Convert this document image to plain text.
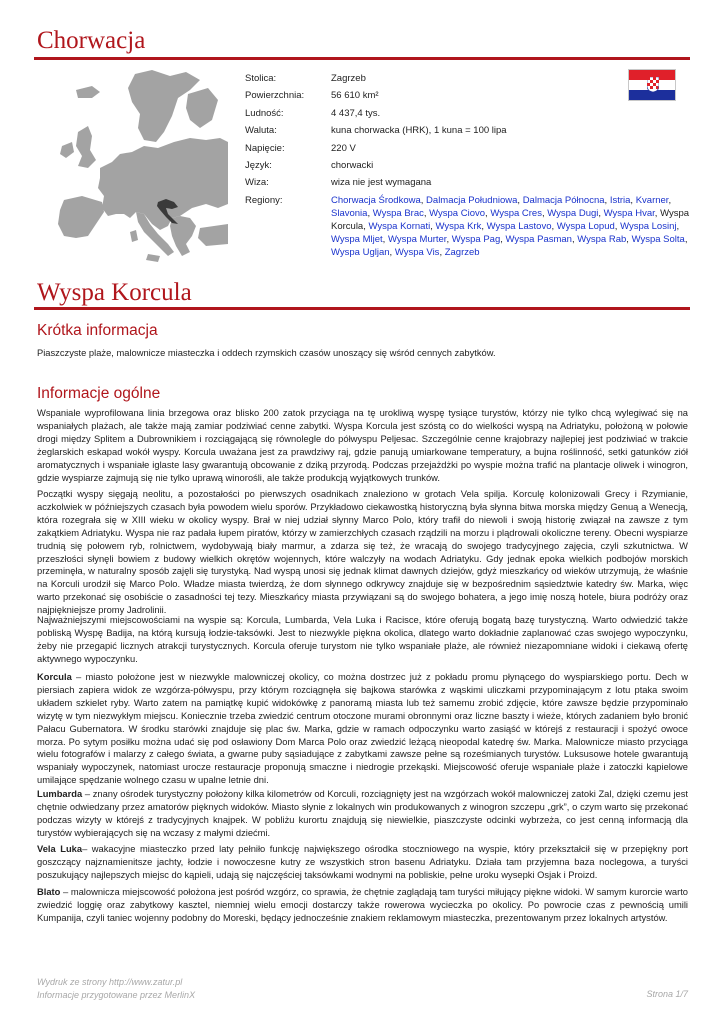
Chorwacja
Stolica:	Zagrzeb
Powierzchnia:	56 610 km²
Ludność:	4 437,4 tys.
Waluta:	kuna chorwacka (HRK), 1 kuna = 100 lipa
Napięcie:	220 V
Język:	chorwacki
Wiza:	wiza nie jest wymagana
Regiony:	Chorwacja Środkowa, Dalmacja Południowa, Dalmacja Północna, Istria, Kvarner, Slavonia, Wyspa Brac, Wyspa Ciovo, Wyspa Cres, Wyspa Dugi, Wyspa Hvar, Wyspa Korcula, Wyspa Kornati, Wyspa Krk, Wyspa Lastovo, Wyspa Lopud, Wyspa Losinj, Wyspa Mljet, Wyspa Murter, Wyspa Pag, Wyspa Pasman, Wyspa Rab, Wyspa Solta, Wyspa Ugljan, Wyspa Vis, Zagrzeb
Wyspa Korcula
Krótka informacja

Piaszczyste plaże, malownicze miasteczka i oddech rzymskich czasów unoszący się wśród cennych zabytków.

Informacje ogólne

Wspaniale wyprofilowana linia brzegowa oraz blisko 200 zatok przyciąga na tę urokliwą wyspę tysiące turystów, którzy nie tylko chcą wylegiwać się na wspaniałych plażach, ale także mają zamiar podziwiać cenne zabytki. Wyspa Korcula jest szóstą co do wielkości wyspą na Adriatyku, położoną w połowie drogi między Splitem a Dubrownikiem i rozciągającą się równolegle do półwyspu Peljesac. Szczególnie cenne krajobrazy najlepiej jest podziwiać w trakcie żeglarskich eskapad wokół wyspy. Korcula uważana jest za prawdziwy raj, gdzie panują umiarkowane temperatury, a bujna roślinność, setki gatunków ziół aromatycznych i wspaniałe iglaste lasy gwarantują obcowanie z dziką przyrodą. Podczas przejażdżki po wyspie można trafić na plantacje oliwek i winogron, gdzie wyspiarze zajmują się nie tylko uprawą winorośli, ale także produkcją wyjątkowych trunków.

Początki wyspy sięgają neolitu, a pozostałości po pierwszych osadnikach znaleziono w grotach Vela spilja. Korculę kolonizowali Grecy i Rzymianie, aczkolwiek w późniejszych czasach była powodem wielu sporów. Przykładowo ciekawostką historyczną była słynna bitwa morska między Genuą a Wenecją, która rozegrała się w XIII wieku w okolicy wyspy. Brał w niej udział słynny Marco Polo, który trafił do niewoli i swoją historię związał na zawsze z tym zakątkiem Adriatyku. Wyspa nie raz padała łupem piratów, którzy w zamierzchłych czasach rządzili na morzu i plądrowali okoliczne tereny. Obecni wyspiarze trudnią się połowem ryb, rolnictwem, wydobywają biały marmur, a zdarza się też, że wracają do swojego tradycyjnego zajęcia, czyli szkutnictwa. W przeszłości słynęli bowiem z budowy wielkich okrętów wojennych, które walczyły na wodach Adriatyku. Gdy jednak epoka wielkich podbojów morskich przeminęła, w naturalny sposób zajęli się turystyką. Nad wyspą unosi się jednak klimat dawnych dziejów, gdyż mieszkańcy od wieków utrzymują, że właśnie na Korculi urodził się Marco Polo. Władze miasta twierdzą, że dom słynnego odkrywcy znajduje się w bezpośrednim sąsiedztwie katedry św. Marka, więc warto przekonać się osobiście o zasadności tej tezy. Mieszkańcy miasta przywiązani są do swojego bohatera, a jego imię noszą hotele, biura podróży oraz najpiękniejsze promy Jadrolinii.

Najważniejszymi miejscowościami na wyspie są: Korcula, Lumbarda, Vela Luka i Racisce, które oferują bogatą bazę turystyczną. Warto odwiedzić także pobliską Wyspę Badija, na którą kursują łodzie-taksówki. Jest to niezwykle piękna okolica, dlatego warto dokładnie zaplanować czas swojego wypoczynku, żeby nie przegapić licznych atrakcji turystycznych. Korcula oferuje turystom nie tylko wspaniałe plaże, ale również niezapomniane widoki i ciekawą ofertę aktywnego wypoczynku.

Korcula – miasto położone jest w niezwykle malowniczej okolicy, co można dostrzec już z pokładu promu płynącego do wyspiarskiego portu. Dech w piersiach zapiera widok ze wzgórza-półwyspu, przy którym rozciągnęła się bajkowa starówka z wąskimi uliczkami przypominającym z lotu ptaka swoim układem szkielet ryby. Warto zatem na pamiątkę kupić widokówkę z panoramą miasta lub też samemu zrobić zdjęcie, które zawsze będzie przypominało wizytę w tym niezwykłym miejscu. Koniecznie trzeba zwiedzić centrum otoczone murami obronnymi oraz liczne baszty i wieże, których zadaniem było bronić Pałacu Gubernatora. W środku starówki znajduje się plac św. Marka, gdzie w ramach odpoczynku warto zasiąść w którejś z restauracji i spożyć owoce morza. Po sytym posiłku można udać się pod osławiony Dom Marca Polo oraz zwiedzić leżącą nieopodal katedrę św. Marka. Malownicze miasto przyciąga wielu fotografów i malarzy z całego świata, a gwarne puby sąsiadujące z zabytkami zawsze pełne są roześmianych turystów. Luksusowe hotele gwarantują wspaniały wypoczynek, natomiast urocze restauracje proponują smaczne i niedrogie przekąski. Miejscowość oferuje wspaniałe plaże i zatoczki kąpielowe umilające spędzanie wolnego czasu w upalne letnie dni.

Lumbarda – znany ośrodek turystyczny położony kilka kilometrów od Korculi, rozciągnięty jest na wzgórzach wokół malowniczej zatoki Zal, dzięki czemu jest chętnie odwiedzany przez amatorów pięknych widoków. Miasto słynie z lokalnych win produkowanych z winogron szczepu „grk”, o czym warto się przekonać podczas wizyty w którejś z tradycyjnych knajpek. W pobliżu kurortu znajdują się niewielkie, piaszczyste odcinki wybrzeża, co jest cenną informacją dla turystów wybierających się na wczasy z małymi dziećmi.

Vela Luka– wakacyjne miasteczko przed laty pełniło funkcję największego ośrodka stoczniowego na wyspie, który przekształcił się w przepiękny port goszczący najznamienitsze jachty, łodzie i nowoczesne kutry ze wszystkich stron basenu Adriatyku. Działa tam przyjemna baza noclegowa, a turyści poszukujący najlepszych miejsc do kąpieli, udają się najczęściej taksówkami wodnymi na pobliskie, pełne uroku wysepki Osjak i Proizd.

Blato – malownicza miejscowość położona jest pośród wzgórz, co sprawia, że chętnie zaglądają tam turyści miłujący piękne widoki. W samym kurorcie warto zwiedzić loggię oraz zabytkowy kasztel, niemniej wielu emocji dostarczy także rowerowa wycieczka po okolicy. Po powrocie czas z pewnością umili Kumpanija, czyli taniec wojenny podobny do Moreski, będący jednocześnie znakiem reklamowym miasteczka, prezentowanym przez lokalnych artystów.

Wydruk ze strony http://www.zatur.pl
Informacje przygotowane przez MerlinX	Strona 1/7
